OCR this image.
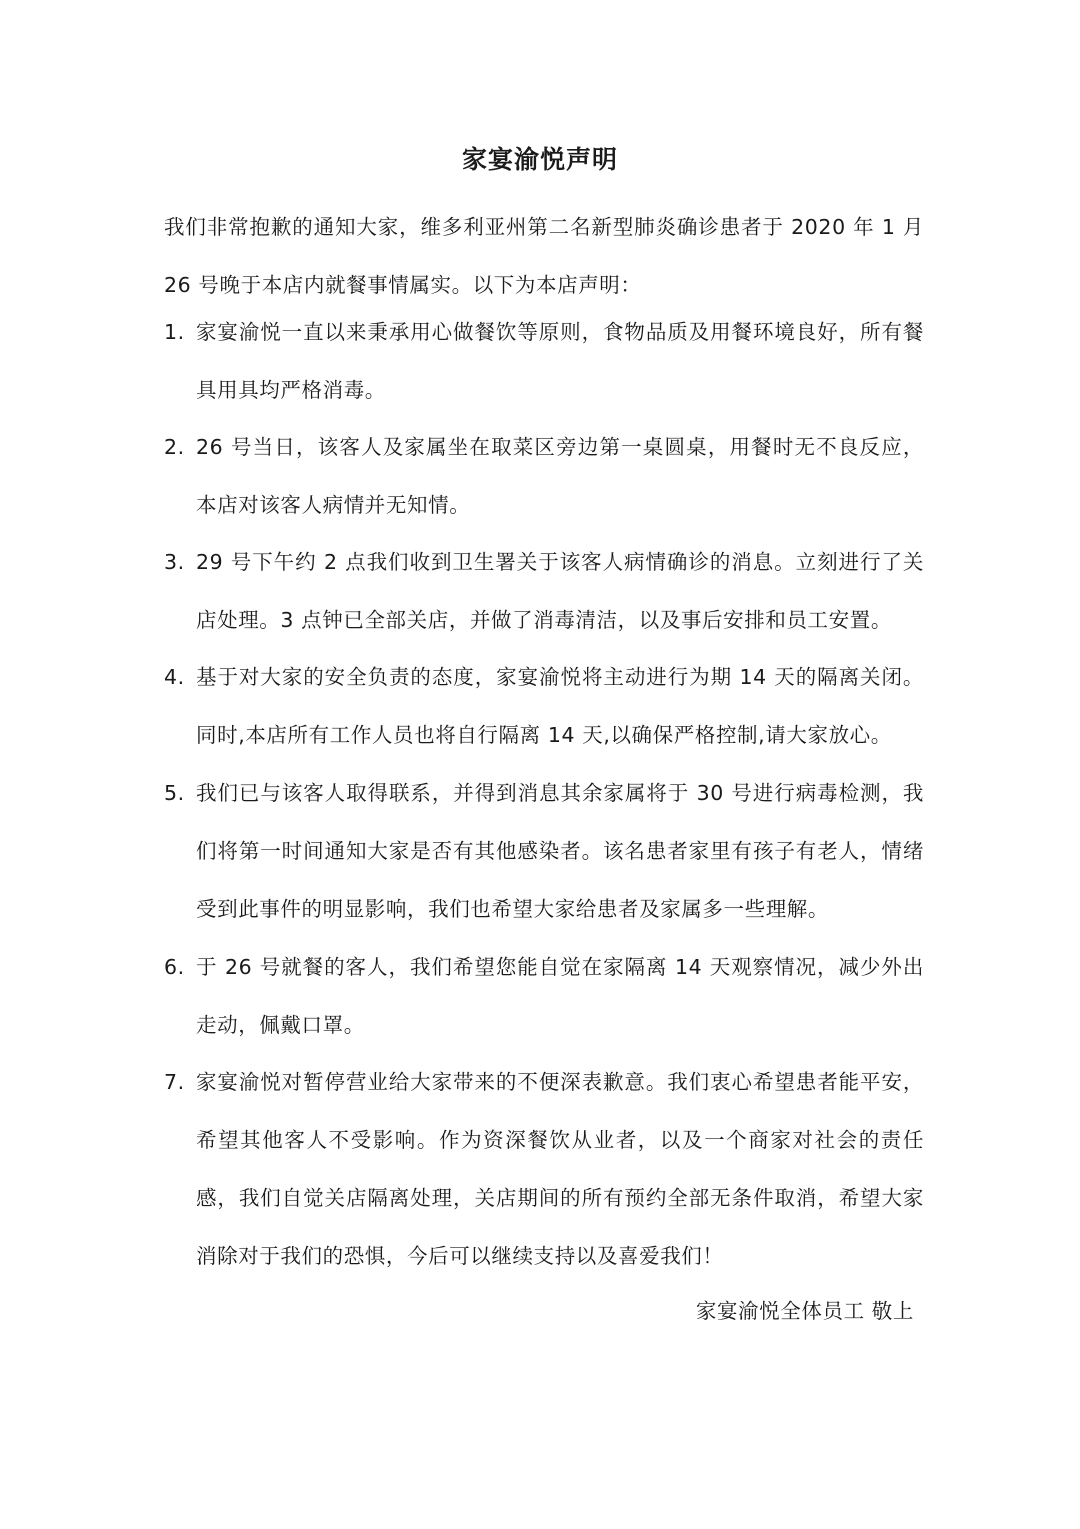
家宴渝悦声明
我们非常抱歉的通知大家，维多利亚州第二名新型肺炎确诊患者于 2020 年 1 月 26 号晚于本店内就餐事情属实。以下为本店声明：
1. 家宴渝悦一直以来秉承用心做餐饮等原则，食物品质及用餐环境良好，所有餐具用具均严格消毒。
2. 26 号当日，该客人及家属坐在取菜区旁边第一桌圆桌，用餐时无不良反应，本店对该客人病情并无知情。
3. 29 号下午约 2 点我们收到卫生署关于该客人病情确诊的消息。立刻进行了关店处理。3 点钟已全部关店，并做了消毒清洁，以及事后安排和员工安置。
4. 基于对大家的安全负责的态度，家宴渝悦将主动进行为期 14 天的隔离关闭。同时,本店所有工作人员也将自行隔离 14 天,以确保严格控制,请大家放心。
5. 我们已与该客人取得联系，并得到消息其余家属将于 30 号进行病毒检测，我们将第一时间通知大家是否有其他感染者。该名患者家里有孩子有老人，情绪受到此事件的明显影响，我们也希望大家给患者及家属多一些理解。
6. 于 26 号就餐的客人，我们希望您能自觉在家隔离 14 天观察情况，减少外出走动，佩戴口罩。
7. 家宴渝悦对暂停营业给大家带来的不便深表歉意。我们衷心希望患者能平安，希望其他客人不受影响。作为资深餐饮从业者，以及一个商家对社会的责任感，我们自觉关店隔离处理，关店期间的所有预约全部无条件取消，希望大家消除对于我们的恐惧，今后可以继续支持以及喜爱我们！
家宴渝悦全体员工 敬上
